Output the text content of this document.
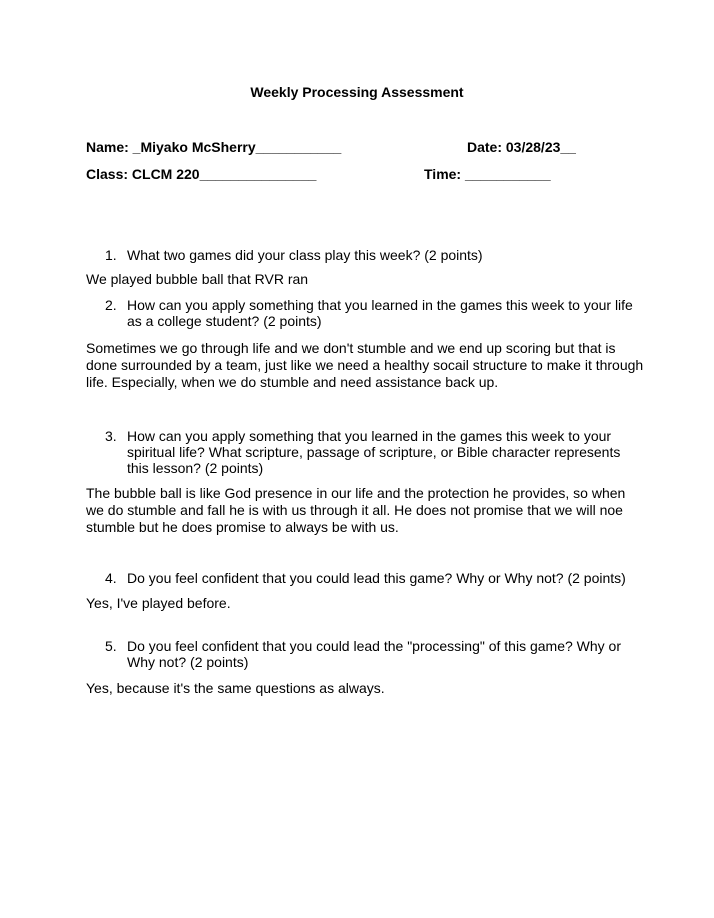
Weekly Processing Assessment
Name: _Miyako McSherry___________	Date: 03/28/23__
Class: CLCM 220_______________	Time: ___________
1. What two games did your class play this week? (2 points)
We played bubble ball that RVR ran
2. How can you apply something that you learned in the games this week to your life as a college student? (2 points)
Sometimes we go through life and we don't stumble and we end up scoring but that is done surrounded by a team, just like we need a healthy socail structure to make it through life. Especially, when we do stumble and need assistance back up.
3. How can you apply something that you learned in the games this week to your spiritual life? What scripture, passage of scripture, or Bible character represents this lesson? (2 points)
The bubble ball is like God presence in our life and the protection he provides, so when we do stumble and fall he is with us through it all. He does not promise that we will noe stumble but he does promise to always be with us.
4. Do you feel confident that you could lead this game? Why or Why not? (2 points)
Yes, I've played before.
5. Do you feel confident that you could lead the "processing" of this game? Why or Why not? (2 points)
Yes, because it's the same questions as always.
